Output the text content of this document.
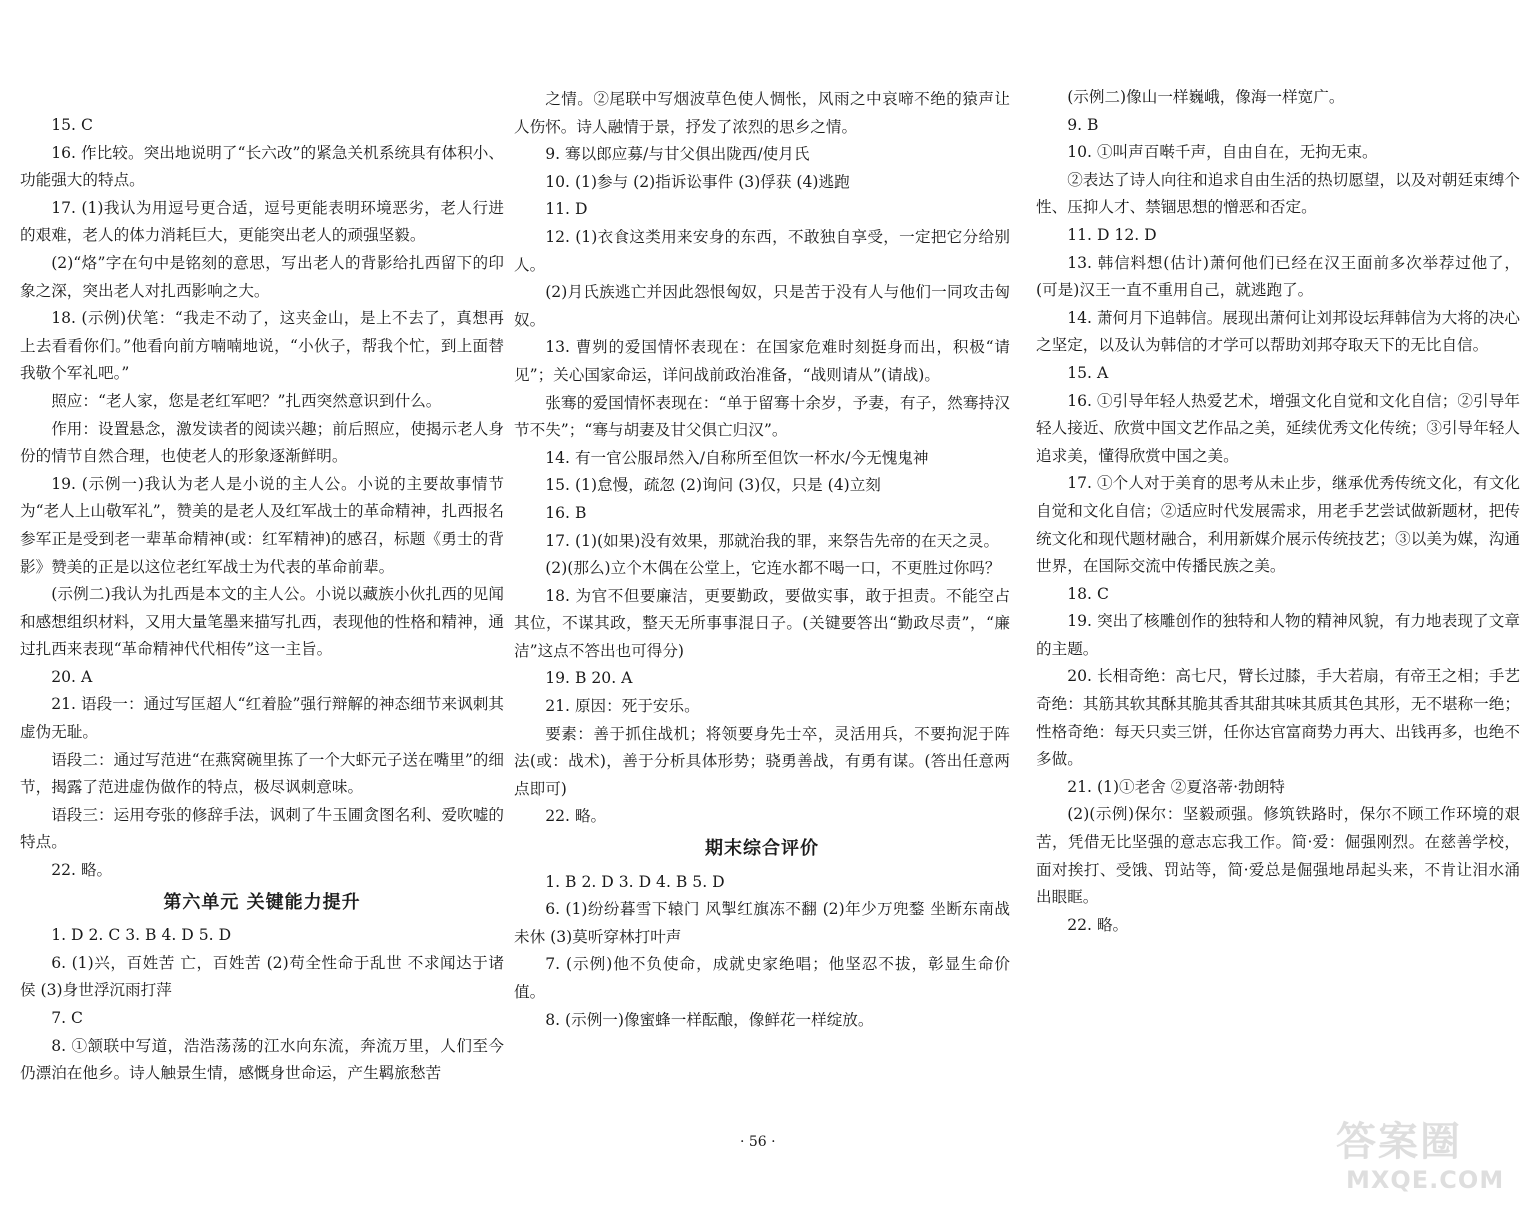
15. C

16. 作比较。突出地说明了“长六改”的紧急关机系统具有体积小、功能强大的特点。

17. (1)我认为用逗号更合适，逗号更能表明环境恶劣，老人行进的艰难，老人的体力消耗巨大，更能突出老人的顽强坚毅。

(2)“烙”字在句中是铭刻的意思，写出老人的背影给扎西留下的印象之深，突出老人对扎西影响之大。

18. (示例)伏笔：“我走不动了，这夹金山，是上不去了，真想再上去看看你们。”他看向前方喃喃地说，“小伙子，帮我个忙，到上面替我敬个军礼吧。”

照应：“老人家，您是老红军吧？”扎西突然意识到什么。

作用：设置悬念，激发读者的阅读兴趣；前后照应，使揭示老人身份的情节自然合理，也使老人的形象逐渐鲜明。

19. (示例一)我认为老人是小说的主人公。小说的主要故事情节为“老人上山敬军礼”，赞美的是老人及红军战士的革命精神，扎西报名参军正是受到老一辈革命精神(或：红军精神)的感召，标题《勇士的背影》赞美的正是以这位老红军战士为代表的革命前辈。

(示例二)我认为扎西是本文的主人公。小说以藏族小伙扎西的见闻和感想组织材料，又用大量笔墨来描写扎西，表现他的性格和精神，通过扎西来表现“革命精神代代相传”这一主旨。

20. A

21. 语段一：通过写匡超人“红着脸”强行辩解的神态细节来讽刺其虚伪无耻。

语段二：通过写范进“在燕窝碗里拣了一个大虾元子送在嘴里”的细节，揭露了范进虚伪做作的特点，极尽讽刺意味。

语段三：运用夸张的修辞手法，讽刺了牛玉圃贪图名利、爱吹嘘的特点。

22. 略。

第六单元 关键能力提升

1. D 2. C 3. B 4. D 5. D

6. (1)兴，百姓苦 亡，百姓苦 (2)苟全性命于乱世 不求闻达于诸侯 (3)身世浮沉雨打萍

7. C

8. ①颔联中写道，浩浩荡荡的江水向东流，奔流万里，人们至今仍漂泊在他乡。诗人触景生情，感慨身世命运，产生羁旅愁苦

之情。②尾联中写烟波草色使人惆怅，风雨之中哀啼不绝的猿声让人伤怀。诗人融情于景，抒发了浓烈的思乡之情。

9. 骞以郎应募/与甘父俱出陇西/使月氏

10. (1)参与 (2)指诉讼事件 (3)俘获 (4)逃跑

11. D

12. (1)衣食这类用来安身的东西，不敢独自享受，一定把它分给别人。

(2)月氏族逃亡并因此怨恨匈奴，只是苦于没有人与他们一同攻击匈奴。

13. 曹刿的爱国情怀表现在：在国家危难时刻挺身而出，积极“请见”；关心国家命运，详问战前政治准备，“战则请从”(请战)。

张骞的爱国情怀表现在：“单于留骞十余岁，予妻，有子，然骞持汉节不失”；“骞与胡妻及甘父俱亡归汉”。

14. 有一官公服昂然入/自称所至但饮一杯水/今无愧鬼神

15. (1)怠慢，疏忽 (2)询问 (3)仅，只是 (4)立刻

16. B

17. (1)(如果)没有效果，那就治我的罪，来祭告先帝的在天之灵。

(2)(那么)立个木偶在公堂上，它连水都不喝一口，不更胜过你吗？

18. 为官不但要廉洁，更要勤政，要做实事，敢于担责。不能空占其位，不谋其政，整天无所事事混日子。(关键要答出“勤政尽责”，“廉洁”这点不答出也可得分)

19. B 20. A

21. 原因：死于安乐。

要素：善于抓住战机；将领要身先士卒，灵活用兵，不要拘泥于阵法(或：战术)，善于分析具体形势；骁勇善战，有勇有谋。(答出任意两点即可)

22. 略。

期末综合评价

1. B 2. D 3. D 4. B 5. D

6. (1)纷纷暮雪下辕门 风掣红旗冻不翻 (2)年少万兜鍪 坐断东南战未休 (3)莫听穿林打叶声

7. (示例)他不负使命，成就史家绝唱；他坚忍不拔，彰显生命价值。

8. (示例一)像蜜蜂一样酝酿，像鲜花一样绽放。

(示例二)像山一样巍峨，像海一样宽广。

9. B

10. ①叫声百啭千声，自由自在，无拘无束。

②表达了诗人向往和追求自由生活的热切愿望，以及对朝廷束缚个性、压抑人才、禁锢思想的憎恶和否定。

11. D 12. D

13. 韩信料想(估计)萧何他们已经在汉王面前多次举荐过他了，(可是)汉王一直不重用自己，就逃跑了。

14. 萧何月下追韩信。展现出萧何让刘邦设坛拜韩信为大将的决心之坚定，以及认为韩信的才学可以帮助刘邦夺取天下的无比自信。

15. A

16. ①引导年轻人热爱艺术，增强文化自觉和文化自信；②引导年轻人接近、欣赏中国文艺作品之美，延续优秀文化传统；③引导年轻人追求美，懂得欣赏中国之美。

17. ①个人对于美育的思考从未止步，继承优秀传统文化，有文化自觉和文化自信；②适应时代发展需求，用老手艺尝试做新题材，把传统文化和现代题材融合，利用新媒介展示传统技艺；③以美为媒，沟通世界，在国际交流中传播民族之美。

18. C

19. 突出了核雕创作的独特和人物的精神风貌，有力地表现了文章的主题。

20. 长相奇绝：高七尺，臂长过膝，手大若扇，有帝王之相；手艺奇绝：其筋其软其酥其脆其香其甜其味其质其色其形，无不堪称一绝；性格奇绝：每天只卖三饼，任你达官富商势力再大、出钱再多，也绝不多做。

21. (1)①老舍 ②夏洛蒂·勃朗特

(2)(示例)保尔：坚毅顽强。修筑铁路时，保尔不顾工作环境的艰苦，凭借无比坚强的意志忘我工作。简·爱：倔强刚烈。在慈善学校，面对挨打、受饿、罚站等，简·爱总是倔强地昂起头来，不肯让泪水涌出眼眶。

22. 略。

· 56 ·	答案圈
MXQE.COM
